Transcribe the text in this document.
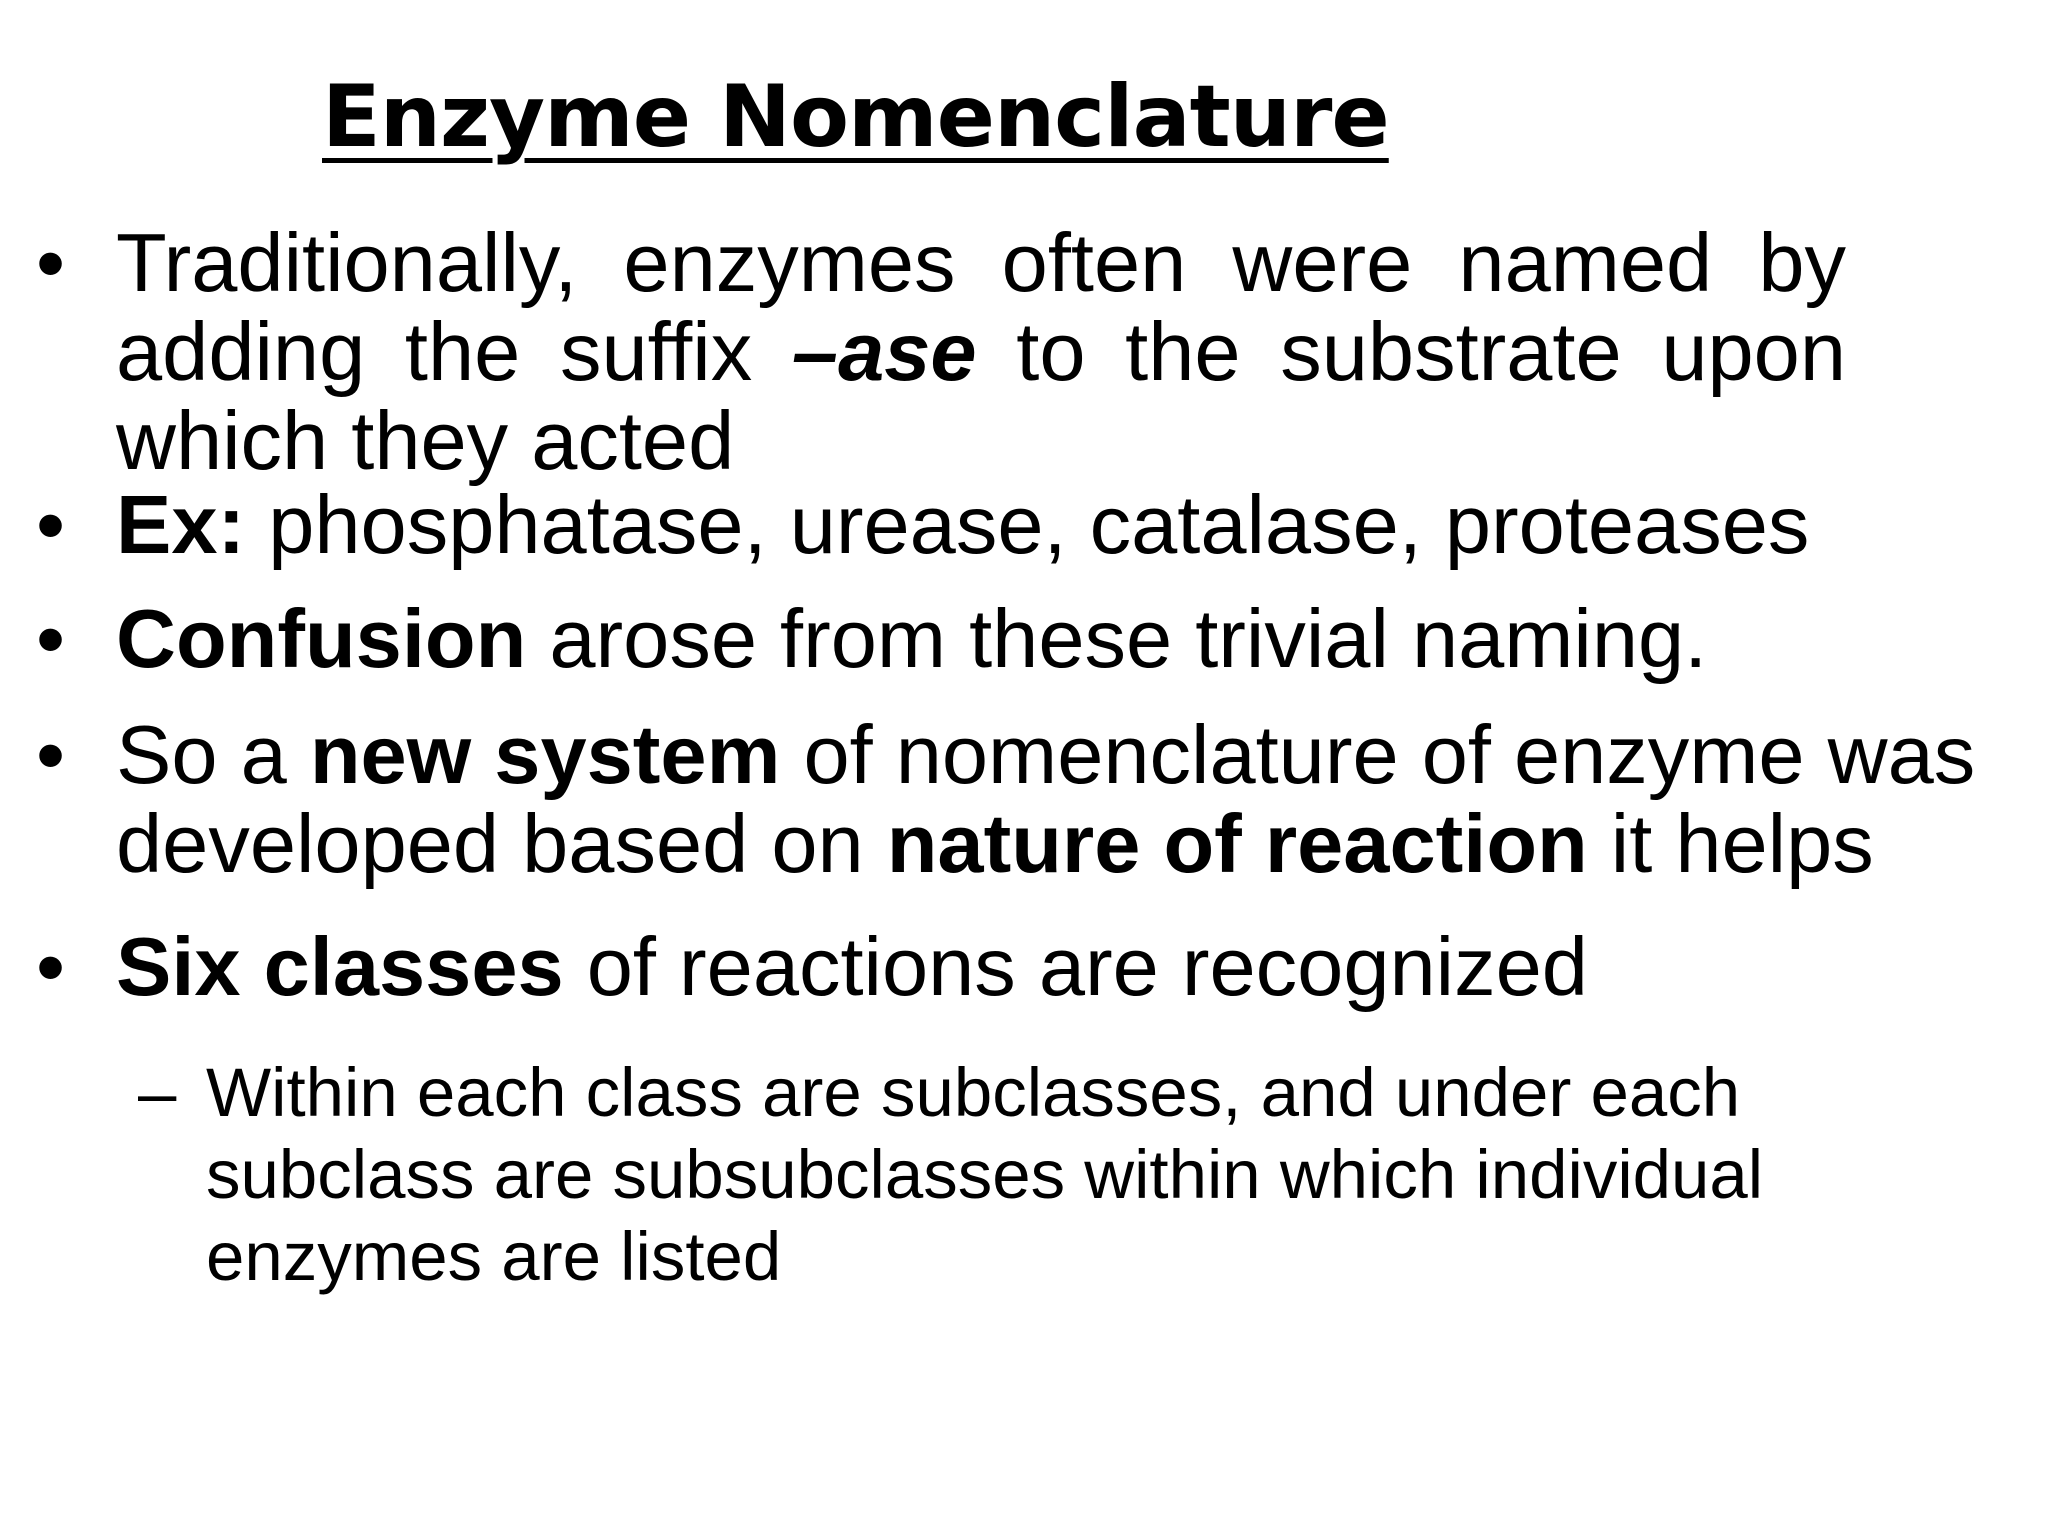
Enzyme Nomenclature
• Traditionally, enzymes often were named by
adding the suffix –ase to the substrate upon
which they acted
• Ex: phosphatase, urease, catalase, proteases
• Confusion arose from these trivial naming.
• So a new system of nomenclature of enzyme was
developed based on nature of reaction it helps
• Six classes of reactions are recognized
– Within each class are subclasses, and under each
subclass are subsubclasses within which individual
enzymes are listed
